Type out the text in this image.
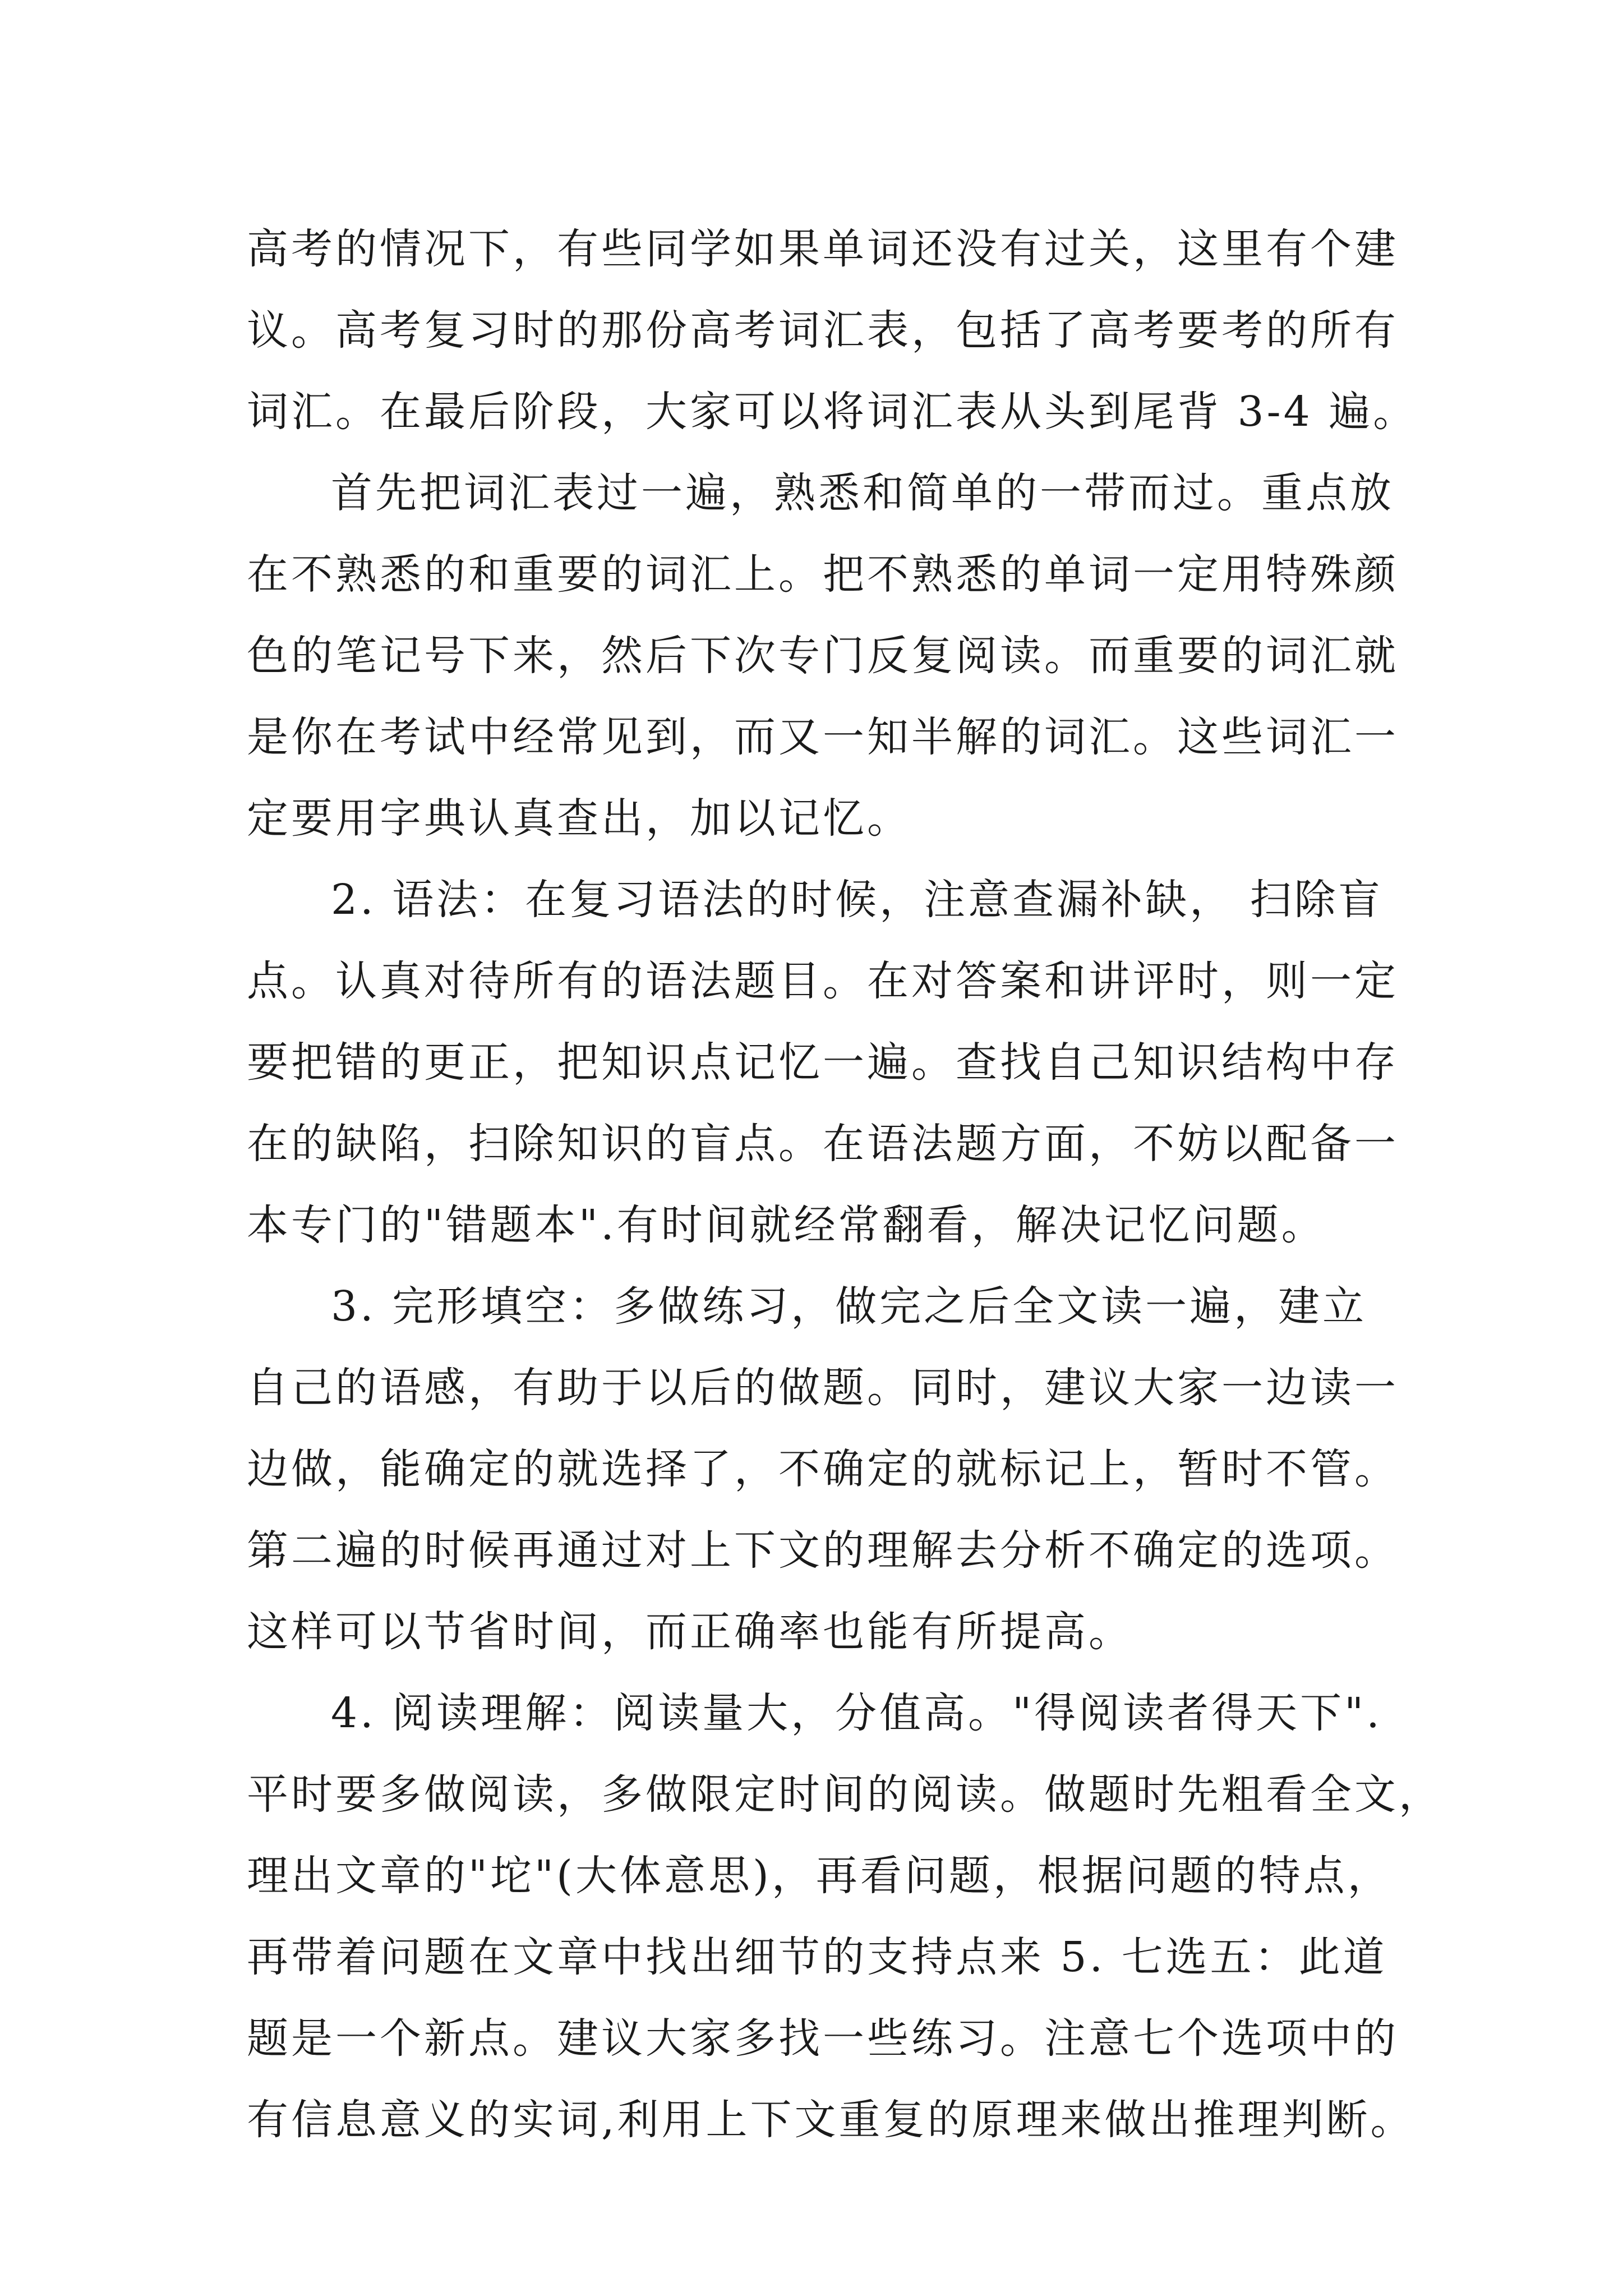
高考的情况下，有些同学如果单词还没有过关，这里有个建
议。高考复习时的那份高考词汇表，包括了高考要考的所有
词汇。在最后阶段，大家可以将词汇表从头到尾背 3-4 遍。
首先把词汇表过一遍，熟悉和简单的一带而过。重点放
在不熟悉的和重要的词汇上。把不熟悉的单词一定用特殊颜
色的笔记号下来，然后下次专门反复阅读。而重要的词汇就
是你在考试中经常见到，而又一知半解的词汇。这些词汇一
定要用字典认真查出，加以记忆。
2. 语法：在复习语法的时候，注意查漏补缺， 扫除盲
点。认真对待所有的语法题目。在对答案和讲评时，则一定
要把错的更正，把知识点记忆一遍。查找自己知识结构中存
在的缺陷，扫除知识的盲点。在语法题方面，不妨以配备一
本专门的"错题本".有时间就经常翻看，解决记忆问题。
3. 完形填空：多做练习，做完之后全文读一遍，建立
自己的语感，有助于以后的做题。同时，建议大家一边读一
边做，能确定的就选择了，不确定的就标记上，暂时不管。
第二遍的时候再通过对上下文的理解去分析不确定的选项。
这样可以节省时间，而正确率也能有所提高。
4. 阅读理解：阅读量大，分值高。"得阅读者得天下".
平时要多做阅读，多做限定时间的阅读。做题时先粗看全文，
理出文章的"坨"(大体意思)，再看问题，根据问题的特点，
再带着问题在文章中找出细节的支持点来 5. 七选五：此道
题是一个新点。建议大家多找一些练习。注意七个选项中的
有信息意义的实词,利用上下文重复的原理来做出推理判断。
